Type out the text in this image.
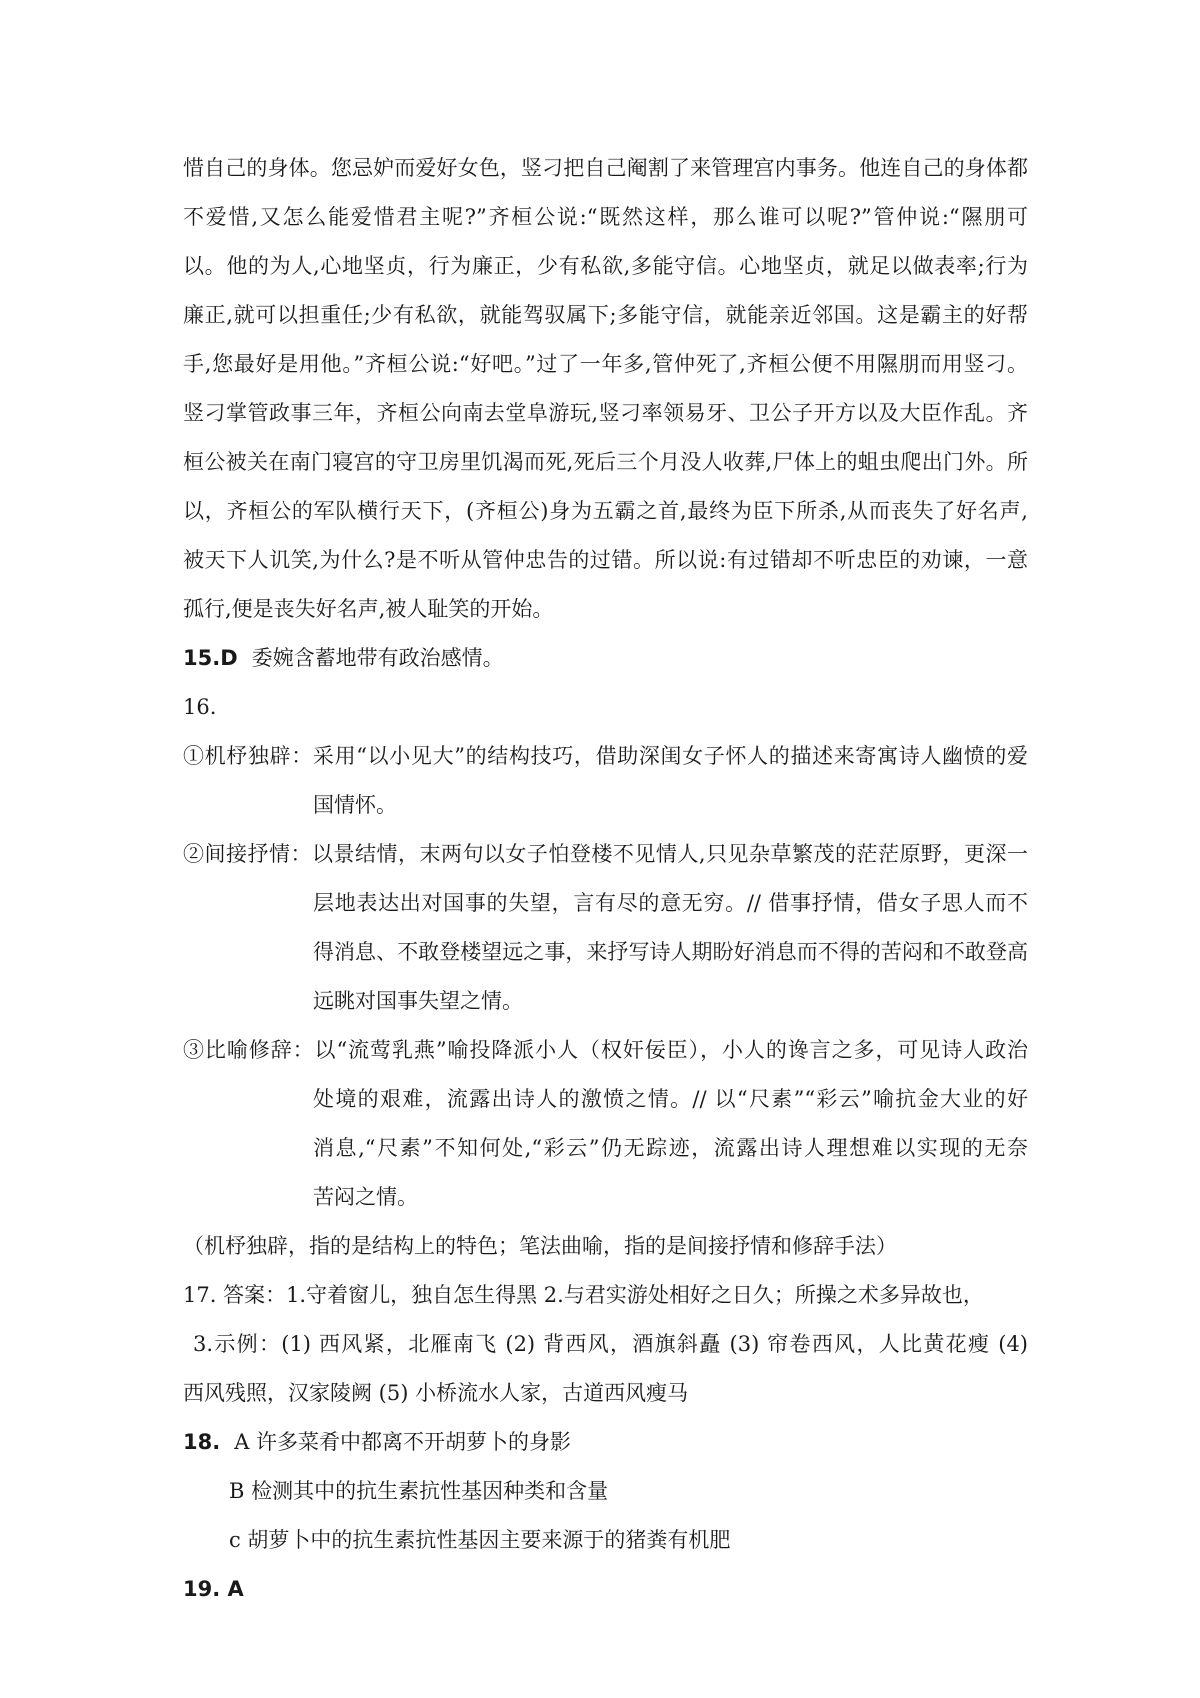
惜自己的身体。您忌妒而爱好女色，竖刁把自己阉割了来管理宫内事务。他连自己的身体都
不爱惜,又怎么能爱惜君主呢?”齐桓公说:“既然这样，那么谁可以呢?”管仲说:“隰朋可
以。他的为人,心地坚贞，行为廉正，少有私欲,多能守信。心地坚贞，就足以做表率;行为
廉正,就可以担重任;少有私欲，就能驾驭属下;多能守信，就能亲近邻国。这是霸主的好帮
手,您最好是用他。”齐桓公说:“好吧。”过了一年多,管仲死了,齐桓公便不用隰朋而用竖刁。
竖刁掌管政事三年，齐桓公向南去堂阜游玩,竖刁率领易牙、卫公子开方以及大臣作乱。齐
桓公被关在南门寝宫的守卫房里饥渴而死,死后三个月没人收葬,尸体上的蛆虫爬出门外。所
以，齐桓公的军队横行天下，(齐桓公)身为五霸之首,最终为臣下所杀,从而丧失了好名声,
被天下人讥笑,为什么?是不听从管仲忠告的过错。所以说:有过错却不听忠臣的劝谏，一意
孤行,便是丧失好名声,被人耻笑的开始。
15.D 委婉含蓄地带有政治感情。
16.
①机杼独辟：采用“以小见大”的结构技巧，借助深闺女子怀人的描述来寄寓诗人幽愤的爱
国情怀。
②间接抒情：以景结情，末两句以女子怕登楼不见情人,只见杂草繁茂的茫茫原野，更深一
层地表达出对国事的失望，言有尽的意无穷。// 借事抒情，借女子思人而不
得消息、不敢登楼望远之事，来抒写诗人期盼好消息而不得的苦闷和不敢登高
远眺对国事失望之情。
③比喻修辞：以“流莺乳燕”喻投降派小人（权奸佞臣），小人的谗言之多，可见诗人政治
处境的艰难，流露出诗人的激愤之情。// 以“尺素”“彩云”喻抗金大业的好
消息,“尺素”不知何处,“彩云”仍无踪迹，流露出诗人理想难以实现的无奈
苦闷之情。
（机杼独辟，指的是结构上的特色；笔法曲喻，指的是间接抒情和修辞手法）
17. 答案：1.守着窗儿，独自怎生得黑 2.与君实游处相好之日久；所操之术多异故也，
3.示例：(1) 西风紧，北雁南飞 (2) 背西风，酒旗斜矗 (3) 帘卷西风，人比黄花瘦 (4)
西风残照，汉家陵阙 (5) 小桥流水人家，古道西风瘦马
18. A 许多菜肴中都离不开胡萝卜的身影
B 检测其中的抗生素抗性基因种类和含量
c 胡萝卜中的抗生素抗性基因主要来源于的猪粪有机肥
19. A
